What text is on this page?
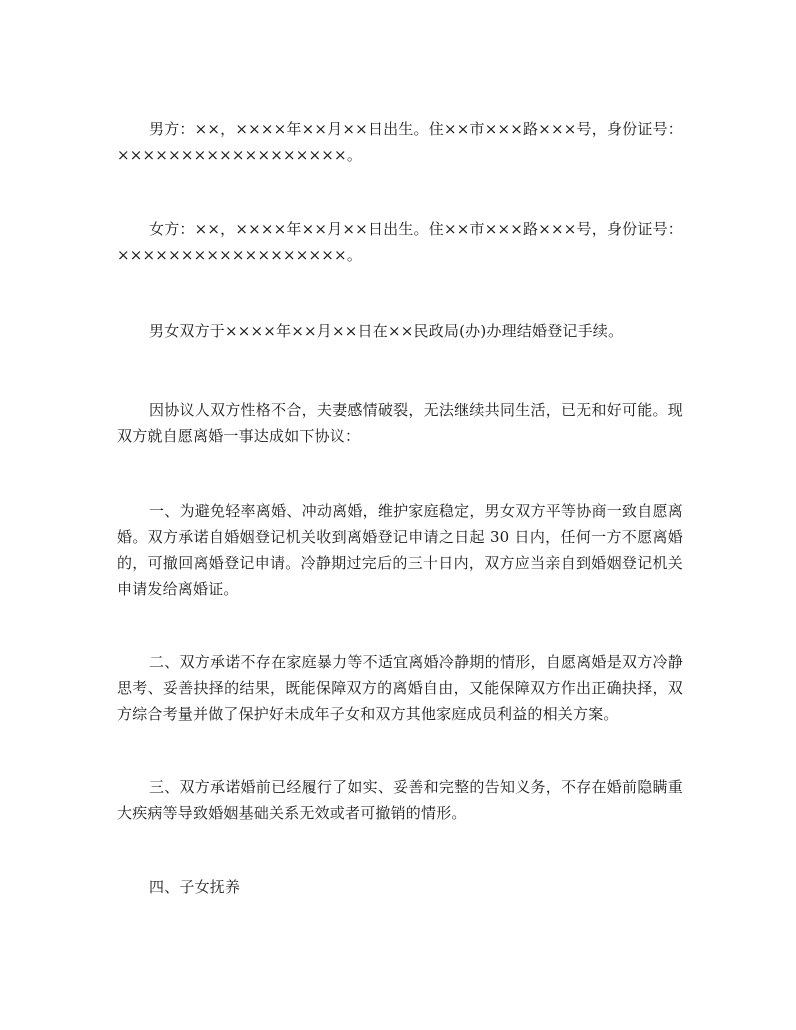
男方：××，××××年××月××日出生。住××市×××路×××号，身份证号：××××××××××××××××××。

女方：××，××××年××月××日出生。住××市×××路×××号，身份证号：××××××××××××××××××。

男女双方于××××年××月××日在××民政局(办)办理结婚登记手续。

因协议人双方性格不合，夫妻感情破裂，无法继续共同生活，已无和好可能。现双方就自愿离婚一事达成如下协议：

一、为避免轻率离婚、冲动离婚，维护家庭稳定，男女双方平等协商一致自愿离婚。双方承诺自婚姻登记机关收到离婚登记申请之日起 30 日内，任何一方不愿离婚的，可撤回离婚登记申请。冷静期过完后的三十日内，双方应当亲自到婚姻登记机关申请发给离婚证。

二、双方承诺不存在家庭暴力等不适宜离婚冷静期的情形，自愿离婚是双方冷静思考、妥善抉择的结果，既能保障双方的离婚自由，又能保障双方作出正确抉择，双方综合考量并做了保护好未成年子女和双方其他家庭成员利益的相关方案。

三、双方承诺婚前已经履行了如实、妥善和完整的告知义务，不存在婚前隐瞒重大疾病等导致婚姻基础关系无效或者可撤销的情形。

四、子女抚养
